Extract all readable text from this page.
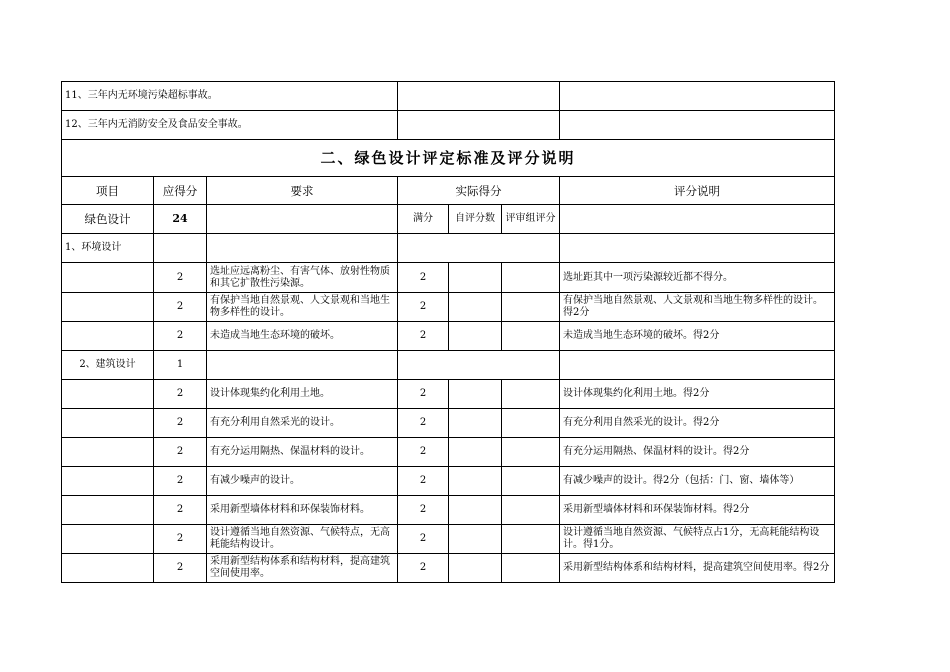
11、三年内无环境污染超标事故。						
12、三年内无消防安全及食品安全事故。						
二、绿色设计评定标准及评分说明						
项目	应得分	要求	实际得分			评分说明
绿色设计	24		满分	自评分数	评审组评分	
1、环境设计						
	2	选址应远离粉尘、有害气体、放射性物质和其它扩散性污染源。	2			选址距其中一项污染源较近都不得分。
	2	有保护当地自然景观、人文景观和当地生物多样性的设计。	2			有保护当地自然景观、人文景观和当地生物多样性的设计。得2分
	2	未造成当地生态环境的破坏。	2			未造成当地生态环境的破坏。得2分
2、建筑设计	1					
	2	设计体现集约化利用土地。	2			设计体现集约化利用土地。得2分
	2	有充分利用自然采光的设计。	2			有充分利用自然采光的设计。得2分
	2	有充分运用隔热、保温材料的设计。	2			有充分运用隔热、保温材料的设计。得2分
	2	有减少噪声的设计。	2			有减少噪声的设计。得2分（包括：门、窗、墙体等）
	2	采用新型墙体材料和环保装饰材料。	2			采用新型墙体材料和环保装饰材料。得2分
	2	设计遵循当地自然资源、气候特点，无高耗能结构设计。	2			设计遵循当地自然资源、气候特点占1分，无高耗能结构设计。得1分。
	2	采用新型结构体系和结构材料，提高建筑空间使用率。	2			采用新型结构体系和结构材料，提高建筑空间使用率。得2分
